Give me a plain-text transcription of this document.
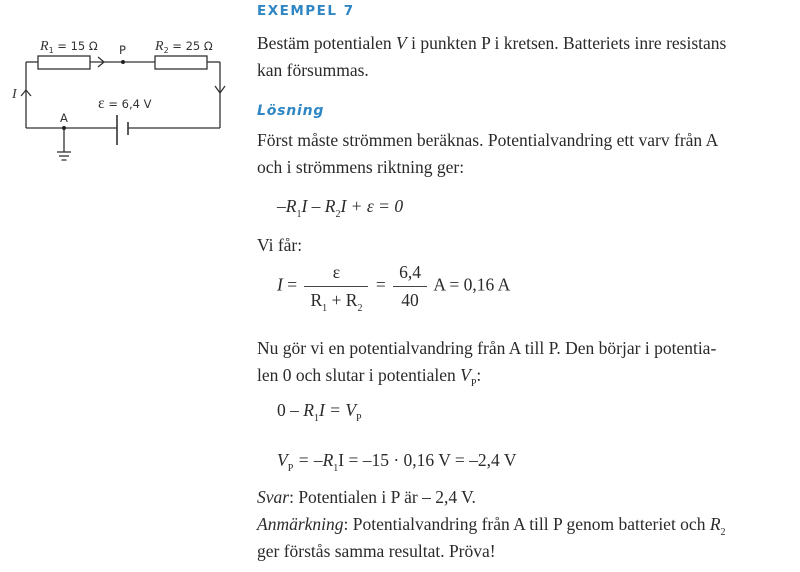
$R_1 = 15$ Ω	$R_2 = 25$ Ω
P
A
I
ε = 6,4 V
EXEMPEL 7
Bestäm potentialen V i punkten P i kretsen. Batteriets inre resistans
kan försummas.
Lösning
Först måste strömmen beräknas. Potentialvandring ett varv från A
och i strömmens riktning ger:
$-R_1I - R_2I + \varepsilon = 0$
Vi får:
$I = \frac{\varepsilon}{R_1 + R_2} = \frac{6,4}{40}$ A = 0,16 A
Nu gör vi en potentialvandring från A till P. Den börjar i potentia-
len 0 och slutar i potentialen $V_P$:
$0 - R_1I = V_P$
$V_P = -R_1I = -15 \cdot 0,16$ V = –2,4 V
Svar: Potentialen i P är – 2,4 V.
Anmärkning: Potentialvandring från A till P genom batteriet och $R_2$
ger förstås samma resultat. Pröva!
